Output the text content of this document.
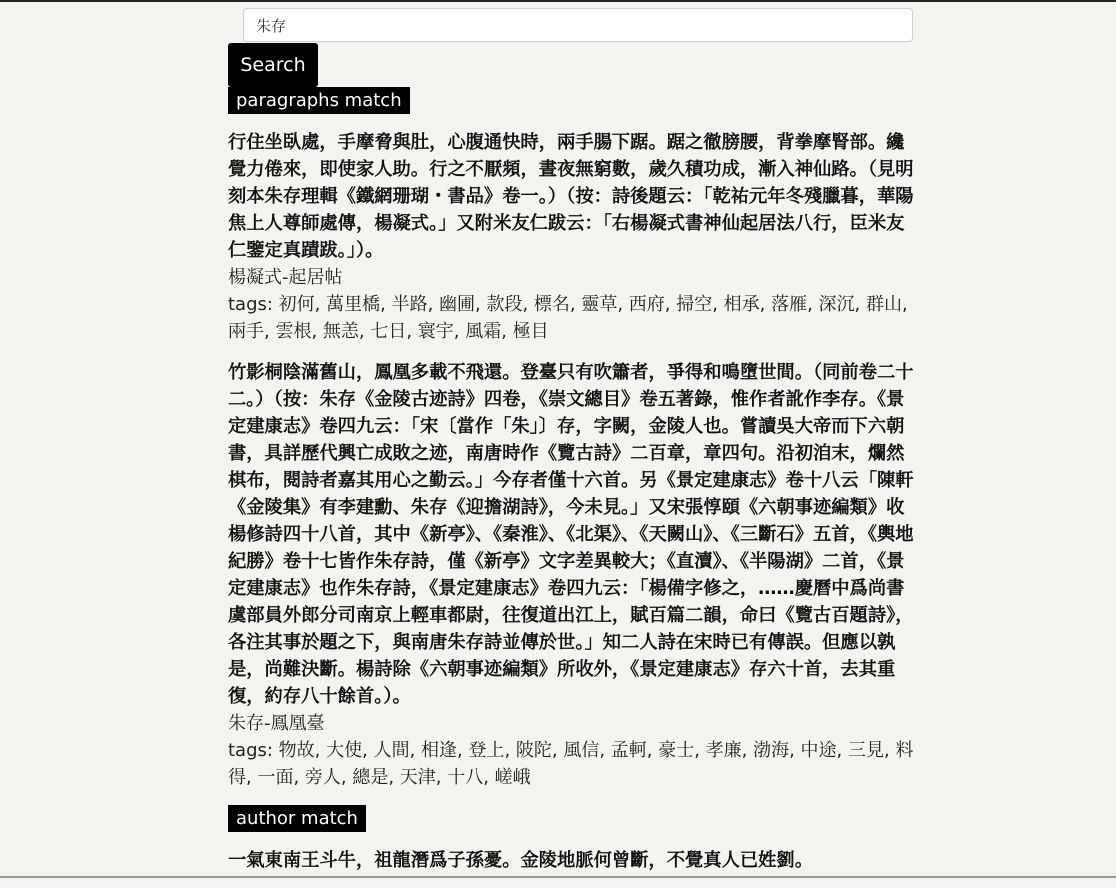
朱存
Search
paragraphs match
行住坐臥處，手摩脅與肚，心腹通快時，兩手腸下踞。踞之徹膀腰，背拳摩腎部。纔覺力倦來，即使家人助。行之不厭頻，晝夜無窮數，歲久積功成，漸入神仙路。（見明刻本朱存理輯《鐵網珊瑚・書品》卷一。）（按：詩後題云：「乾祐元年冬殘臘暮，華陽焦上人尊師處傳，楊凝式。」又附米友仁跋云：「右楊凝式書神仙起居法八行，臣米友仁鑒定真蹟跋。」）。
楊凝式-起居帖
tags: 初何, 萬里橋, 半路, 幽圃, 款段, 標名, 靈草, 西府, 掃空, 相承, 落雁, 深沉, 群山, 兩手, 雲根, 無恙, 七日, 寰宇, 風霜, 極目
竹影桐陰滿舊山，鳳凰多載不飛還。登臺只有吹簫者，爭得和鳴墮世間。（同前卷二十二。）（按：朱存《金陵古迹詩》四卷，《崇文總目》卷五著錄，惟作者訛作李存。《景定建康志》卷四九云：「宋〔當作「朱」〕存，字闕，金陵人也。嘗讀吳大帝而下六朝書，具詳歷代興亡成敗之迹，南唐時作《覽古詩》二百章，章四句。沿初洎末，爛然棋布，閱詩者嘉其用心之勤云。」今存者僅十六首。另《景定建康志》卷十八云「陳軒《金陵集》有李建勳、朱存《迎擔湖詩》，今未見。」又宋張惇頤《六朝事迹編類》收楊修詩四十八首，其中《新亭》、《秦淮》、《北渠》、《天闕山》、《三斷石》五首，《輿地紀勝》卷十七皆作朱存詩，僅《新亭》文字差異較大；《直瀆》、《半陽湖》二首，《景定建康志》也作朱存詩，《景定建康志》卷四九云：「楊備字修之，……慶曆中爲尚書虞部員外郎分司南京上輕車都尉，往復道出江上，賦百篇二韻，命曰《覽古百題詩》，各注其事於題之下，與南唐朱存詩並傳於世。」知二人詩在宋時已有傳誤。但應以孰是，尚難決斷。楊詩除《六朝事迹編類》所收外，《景定建康志》存六十首，去其重復，約存八十餘首。）。
朱存-鳳凰臺
tags: 物故, 大使, 人間, 相逢, 登上, 陂陀, 風信, 孟軻, 豪士, 孝廉, 渤海, 中途, 三見, 料得, 一面, 旁人, 總是, 天津, 十八, 嵯峨
author match
一氣東南王斗牛，祖龍潛爲子孫憂。金陵地脈何曾斷，不覺真人已姓劉。
